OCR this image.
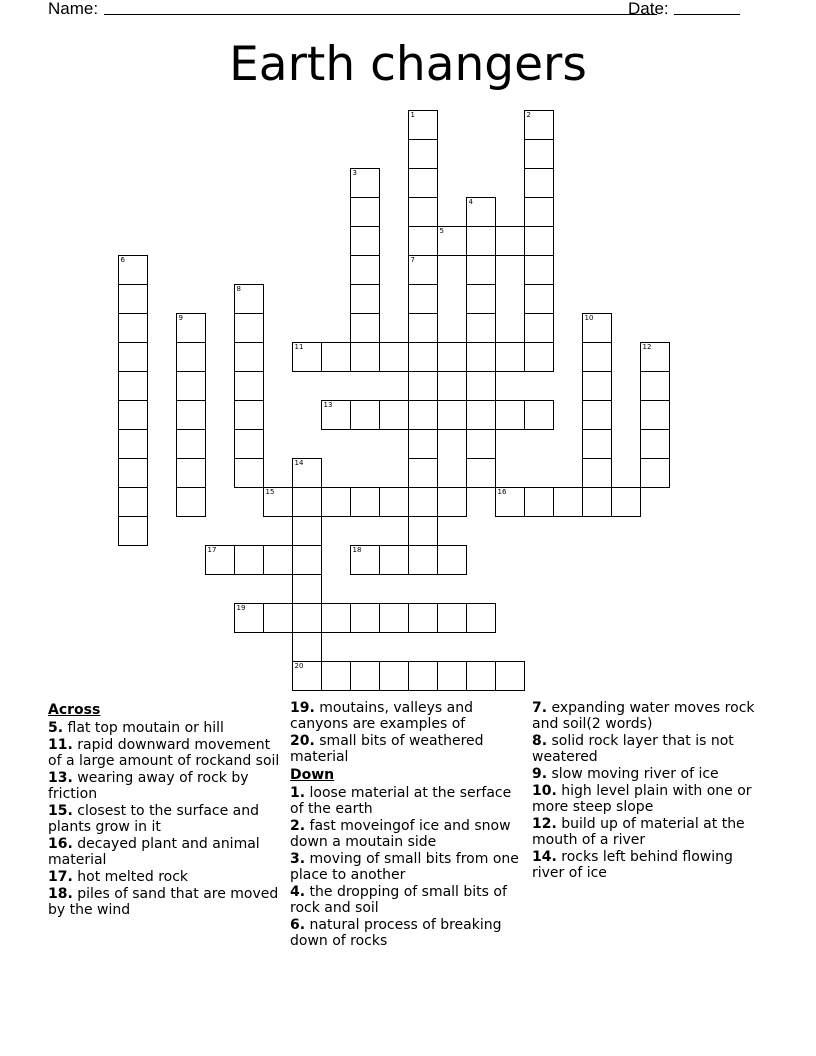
Name:	Date:
Earth changers
1	2
3
4
5
6	7
8
9	10
11	12
13
14
20
15	16
17	18
19
Across
5. flat top moutain or hill
11. rapid downward movement of a large amount of rockand soil
13. wearing away of rock by friction
15. closest to the surface and plants grow in it
16. decayed plant and animal material
17. hot melted rock
18. piles of sand that are moved by the wind
19. moutains, valleys and canyons are examples of
20. small bits of weathered material
Down
1. loose material at the serface of the earth
2. fast moveingof ice and snow down a moutain side
3. moving of small bits from one place to another
4. the dropping of small bits of rock and soil
6. natural process of breaking down of rocks
7. expanding water moves rock and soil(2 words)
8. solid rock layer that is not weatered
9. slow moving river of ice
10. high level plain with one or more steep slope
12. build up of material at the mouth of a river
14. rocks left behind flowing river of ice
